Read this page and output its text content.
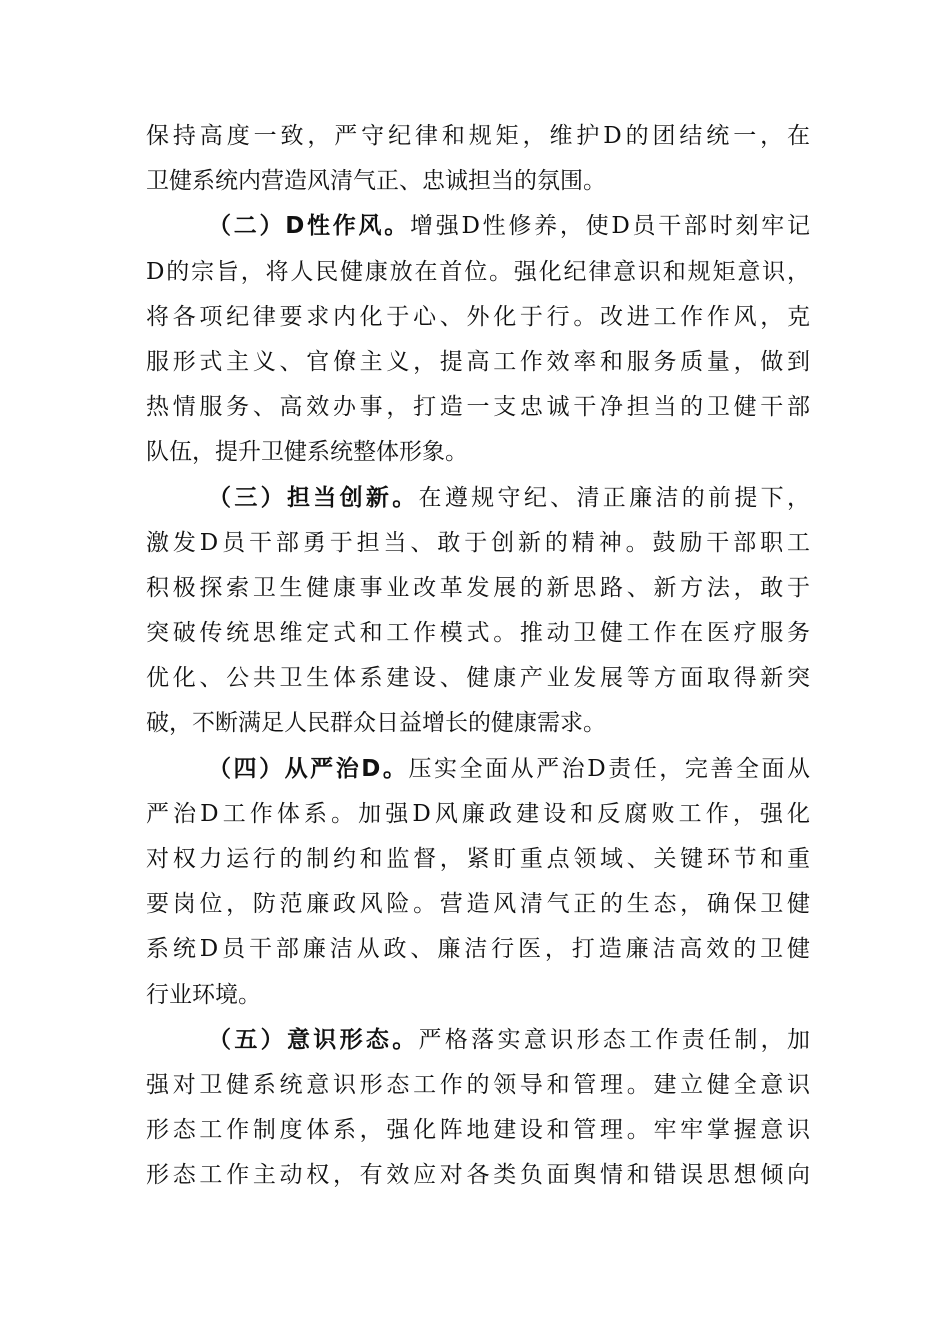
保持高度一致，严守纪律和规矩，维护D的团结统一，在
卫健系统内营造风清气正、忠诚担当的氛围。
（二）D性作风。增强D性修养，使D员干部时刻牢记
D的宗旨，将人民健康放在首位。强化纪律意识和规矩意识，
将各项纪律要求内化于心、外化于行。改进工作作风，克
服形式主义、官僚主义，提高工作效率和服务质量，做到
热情服务、高效办事，打造一支忠诚干净担当的卫健干部
队伍，提升卫健系统整体形象。
（三）担当创新。在遵规守纪、清正廉洁的前提下，
激发D员干部勇于担当、敢于创新的精神。鼓励干部职工
积极探索卫生健康事业改革发展的新思路、新方法，敢于
突破传统思维定式和工作模式。推动卫健工作在医疗服务
优化、公共卫生体系建设、健康产业发展等方面取得新突
破，不断满足人民群众日益增长的健康需求。
（四）从严治D。压实全面从严治D责任，完善全面从
严治D工作体系。加强D风廉政建设和反腐败工作，强化
对权力运行的制约和监督，紧盯重点领域、关键环节和重
要岗位，防范廉政风险。营造风清气正的生态，确保卫健
系统D员干部廉洁从政、廉洁行医，打造廉洁高效的卫健
行业环境。
（五）意识形态。严格落实意识形态工作责任制，加
强对卫健系统意识形态工作的领导和管理。建立健全意识
形态工作制度体系，强化阵地建设和管理。牢牢掌握意识
形态工作主动权，有效应对各类负面舆情和错误思想倾向
